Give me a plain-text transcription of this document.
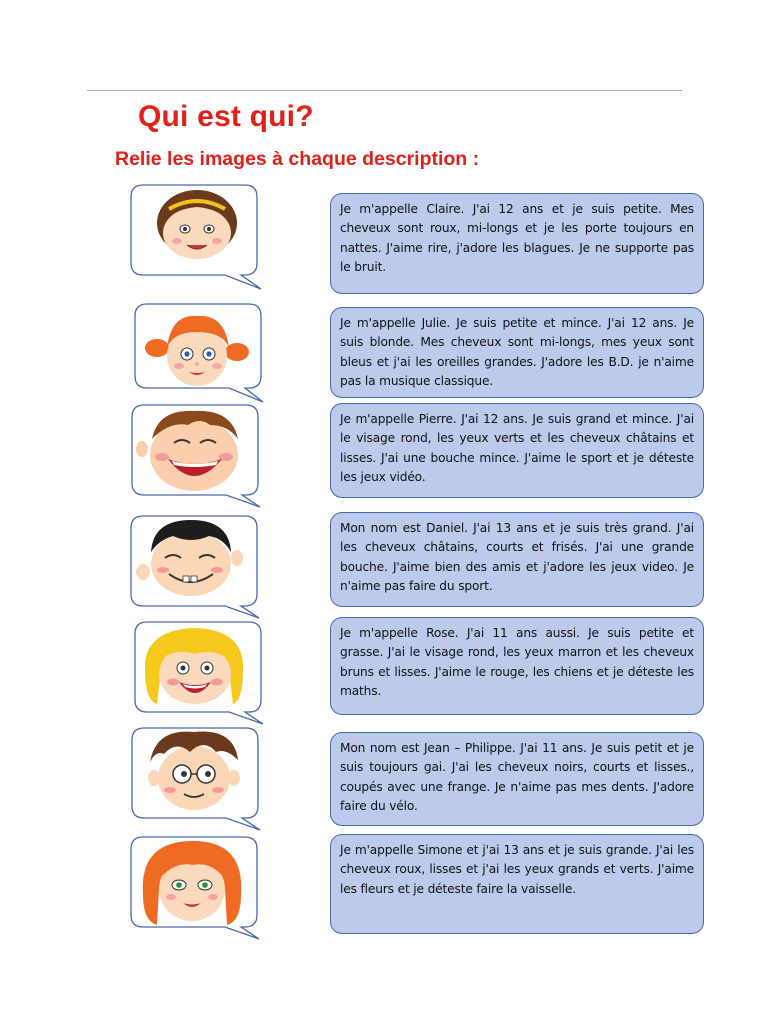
Qui est qui?
Relie les images à chaque description :

Je m'appelle Claire. J'ai 12 ans et je suis petite. Mes cheveux sont roux, mi-longs et je les porte toujours en nattes. J'aime rire, j'adore les blagues. Je ne supporte pas le bruit.

Je m'appelle Julie. Je suis petite et mince. J'ai 12 ans. Je suis blonde. Mes cheveux sont mi-longs, mes yeux sont bleus et j'ai les oreilles grandes. J'adore les B.D. je n'aime pas la musique classique.

Je m'appelle Pierre. J'ai 12 ans. Je suis grand et mince. J'ai le visage rond, les yeux verts et les cheveux châtains et lisses. J'ai une bouche mince. J'aime le sport et je déteste les jeux vidéo.

Mon nom est Daniel. J'ai 13 ans et je suis très grand. J'ai les cheveux châtains, courts et frisés. J'ai une grande bouche. J'aime bien des amis et j'adore les jeux video. Je n'aime pas faire du sport.

Je m'appelle Rose. J'ai 11 ans aussi. Je suis petite et grasse. J'ai le visage rond, les yeux marron et les cheveux bruns et lisses. J'aime le rouge, les chiens et je déteste les maths.

Mon nom est Jean – Philippe. J'ai 11 ans. Je suis petit et je suis toujours gai. J'ai les cheveux noirs, courts et lisses., coupés avec une frange. Je n'aime pas mes dents. J'adore faire du vélo.

Je m'appelle Simone et j'ai 13 ans et je suis grande. J'ai les cheveux roux, lisses et j'ai les yeux grands et verts. J'aime les fleurs et je déteste faire la vaisselle.
